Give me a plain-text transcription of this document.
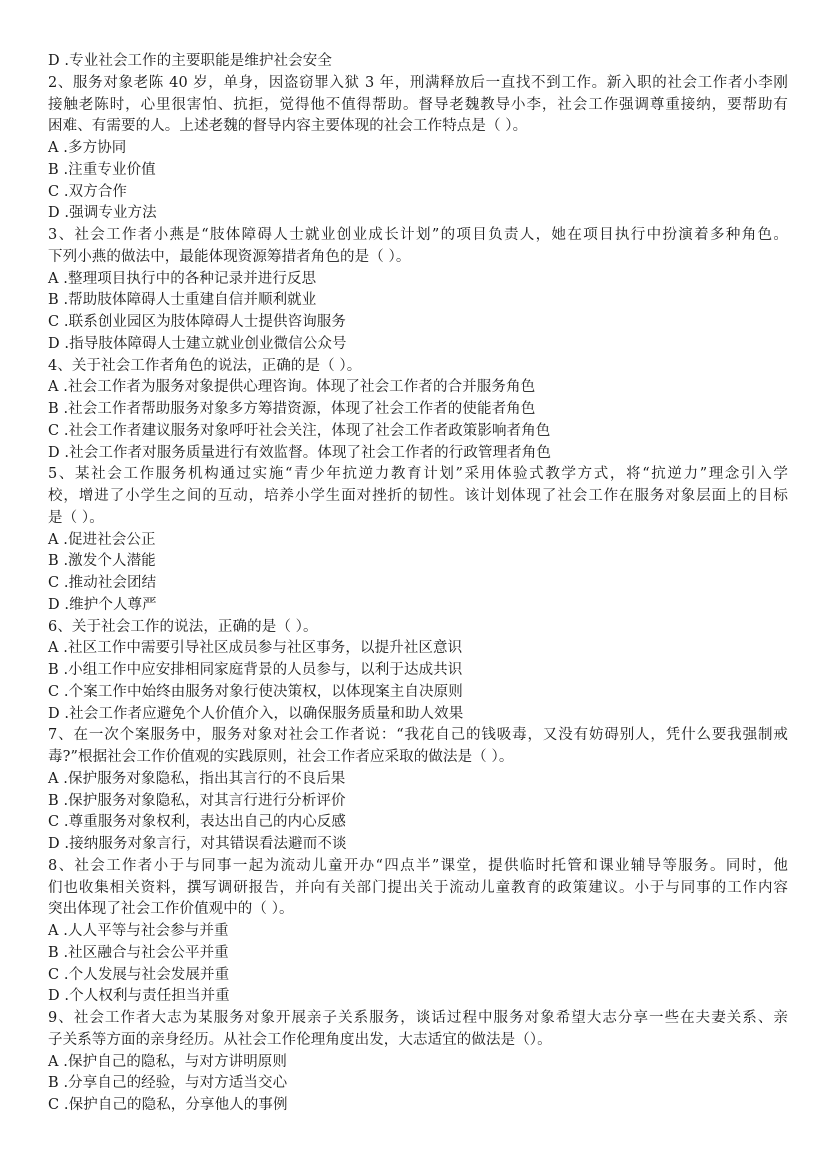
D .专业社会工作的主要职能是维护社会安全
2、服务对象老陈 40 岁，单身，因盗窃罪入狱 3 年，刑满释放后一直找不到工作。新入职的社会工作者小李刚
接触老陈时，心里很害怕、抗拒，觉得他不值得帮助。督导老魏教导小李，社会工作强调尊重接纳，要帮助有
困难、有需要的人。上述老魏的督导内容主要体现的社会工作特点是（ ）。
A .多方协同
B .注重专业价值
C .双方合作
D .强调专业方法
3、社会工作者小燕是“肢体障碍人士就业创业成长计划”的项目负责人，她在项目执行中扮演着多种角色。
下列小燕的做法中，最能体现资源筹措者角色的是（ ）。
A .整理项目执行中的各种记录并进行反思
B .帮助肢体障碍人士重建自信并顺利就业
C .联系创业园区为肢体障碍人士提供咨询服务
D .指导肢体障碍人士建立就业创业微信公众号
4、关于社会工作者角色的说法，正确的是（ ）。
A .社会工作者为服务对象提供心理咨询。体现了社会工作者的合并服务角色
B .社会工作者帮助服务对象多方筹措资源，体现了社会工作者的使能者角色
C .社会工作者建议服务对象呼吁社会关注，体现了社会工作者政策影响者角色
D .社会工作者对服务质量进行有效监督。体现了社会工作者的行政管理者角色
5、某社会工作服务机构通过实施“青少年抗逆力教育计划”采用体验式教学方式，将“抗逆力”理念引入学
校，增进了小学生之间的互动，培养小学生面对挫折的韧性。该计划体现了社会工作在服务对象层面上的目标
是（ ）。
A .促进社会公正
B .激发个人潜能
C .推动社会团结
D .维护个人尊严
6、关于社会工作的说法，正确的是（ ）。
A .社区工作中需要引导社区成员参与社区事务，以提升社区意识
B .小组工作中应安排相同家庭背景的人员参与，以利于达成共识
C .个案工作中始终由服务对象行使决策权，以体现案主自决原则
D .社会工作者应避免个人价值介入，以确保服务质量和助人效果
7、在一次个案服务中，服务对象对社会工作者说：“我花自己的钱吸毒，又没有妨碍别人，凭什么要我强制戒
毒?”根据社会工作价值观的实践原则，社会工作者应采取的做法是（ ）。
A .保护服务对象隐私，指出其言行的不良后果
B .保护服务对象隐私，对其言行进行分析评价
C .尊重服务对象权利，表达出自己的内心反感
D .接纳服务对象言行，对其错误看法避而不谈
8、社会工作者小于与同事一起为流动儿童开办“四点半”课堂，提供临时托管和课业辅导等服务。同时，他
们也收集相关资料，撰写调研报告，并向有关部门提出关于流动儿童教育的政策建议。小于与同事的工作内容
突出体现了社会工作价值观中的（ ）。
A .人人平等与社会参与并重
B .社区融合与社会公平并重
C .个人发展与社会发展并重
D .个人权利与责任担当并重
9、社会工作者大志为某服务对象开展亲子关系服务，谈话过程中服务对象希望大志分享一些在夫妻关系、亲
子关系等方面的亲身经历。从社会工作伦理角度出发，大志适宜的做法是（）。
A .保护自己的隐私，与对方讲明原则
B .分享自己的经验，与对方适当交心
C .保护自己的隐私，分享他人的事例
